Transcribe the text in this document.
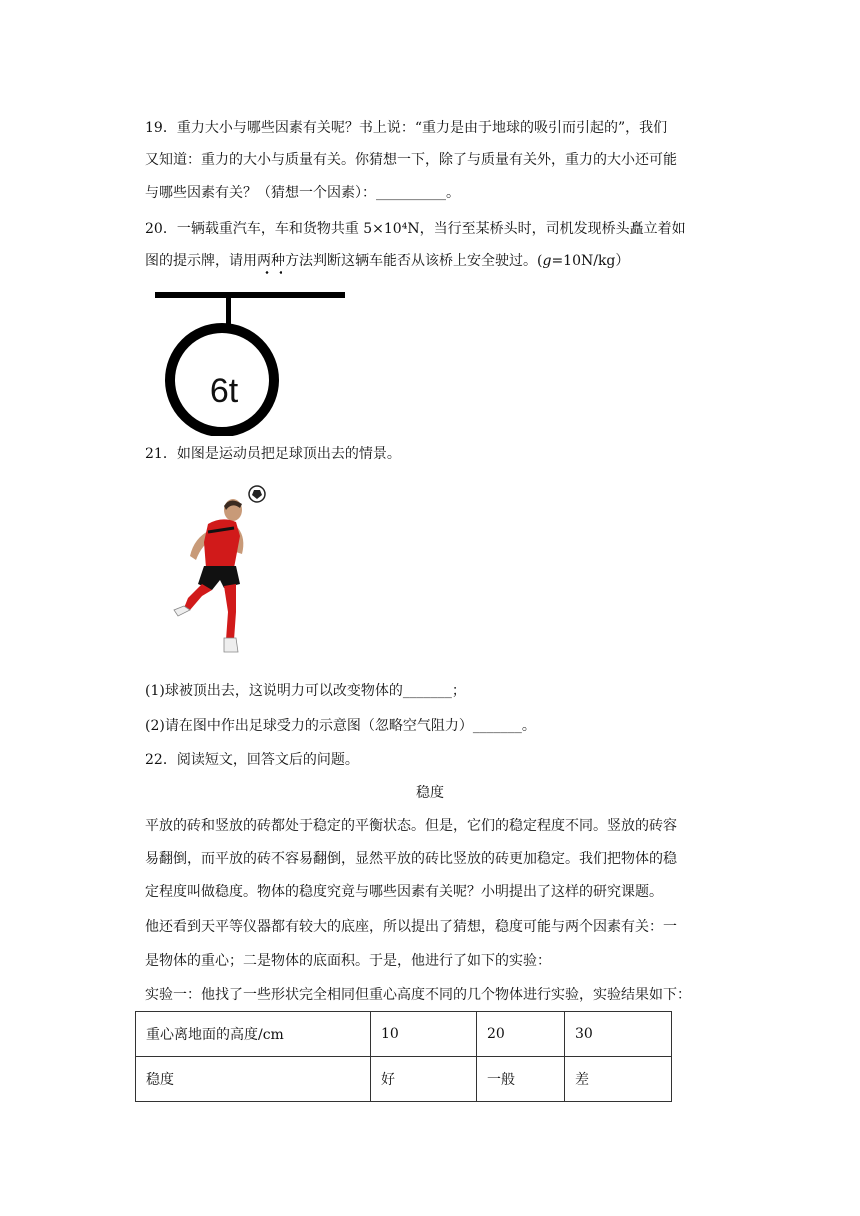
19．重力大小与哪些因素有关呢？书上说：“重力是由于地球的吸引而引起的”，我们
又知道：重力的大小与质量有关。你猜想一下，除了与质量有关外，重力的大小还可能
与哪些因素有关？（猜想一个因素）：__________。
20．一辆载重汽车，车和货物共重 5×10⁴N，当行至某桥头时，司机发现桥头矗立着如
图的提示牌，请用两种方法判断这辆车能否从该桥上安全驶过。(g=10N/kg）
6t
21．如图是运动员把足球顶出去的情景。
(1)球被顶出去，这说明力可以改变物体的_______；
(2)请在图中作出足球受力的示意图（忽略空气阻力）_______。
22．阅读短文，回答文后的问题。
稳度
平放的砖和竖放的砖都处于稳定的平衡状态。但是，它们的稳定程度不同。竖放的砖容
易翻倒，而平放的砖不容易翻倒，显然平放的砖比竖放的砖更加稳定。我们把物体的稳
定程度叫做稳度。物体的稳度究竟与哪些因素有关呢？小明提出了这样的研究课题。
他还看到天平等仪器都有较大的底座，所以提出了猜想，稳度可能与两个因素有关：一
是物体的重心；二是物体的底面积。于是，他进行了如下的实验：
实验一：他找了一些形状完全相同但重心高度不同的几个物体进行实验，实验结果如下：
重心离地面的高度/cm	10	20	30
稳度	好	一般	差
